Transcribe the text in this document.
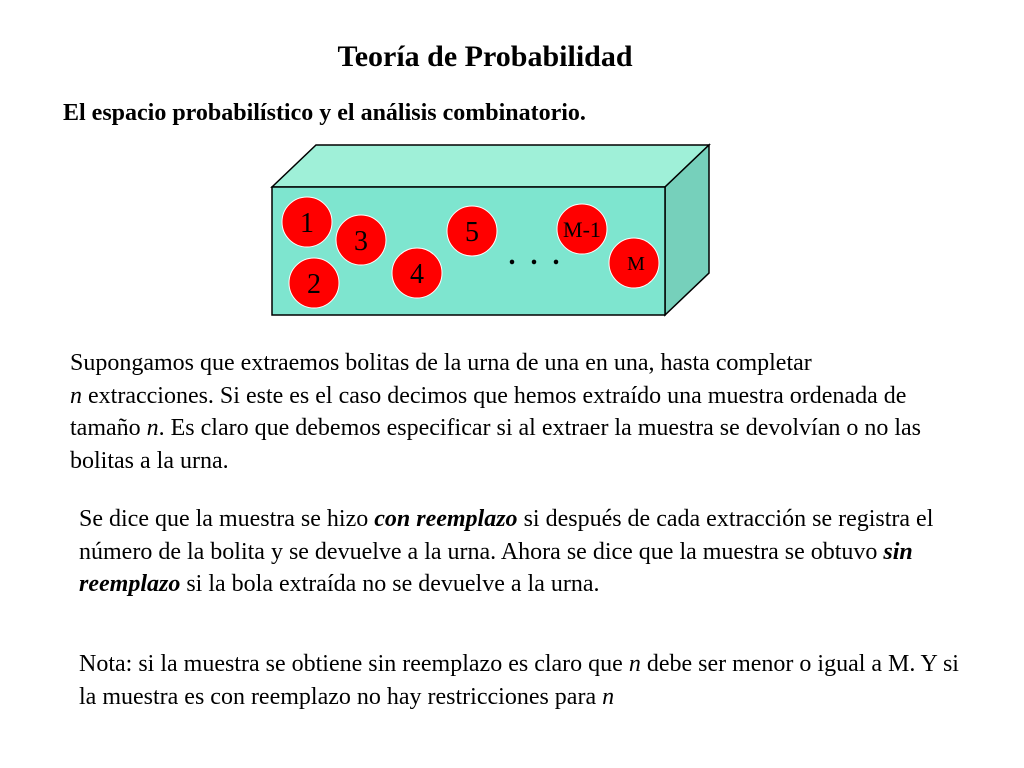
Teoría de Probabilidad
El espacio probabilístico y el análisis combinatorio.
1
3
2	4
5	M-1
M
. . .
Supongamos que extraemos bolitas de la urna de una en una, hasta completar
n extracciones. Si este es el caso decimos que hemos extraído una muestra ordenada de tamaño n. Es claro que debemos especificar si al extraer la muestra se devolvían o no las bolitas a la urna.
Se dice que la muestra se hizo con reemplazo si después de cada extracción se registra el número de la bolita y se devuelve a la urna. Ahora se dice que la muestra se obtuvo sin reemplazo si la bola extraída no se devuelve a la urna.
Nota: si la muestra se obtiene sin reemplazo es claro que n debe ser menor o igual a M. Y si la muestra es con reemplazo no hay restricciones para n
